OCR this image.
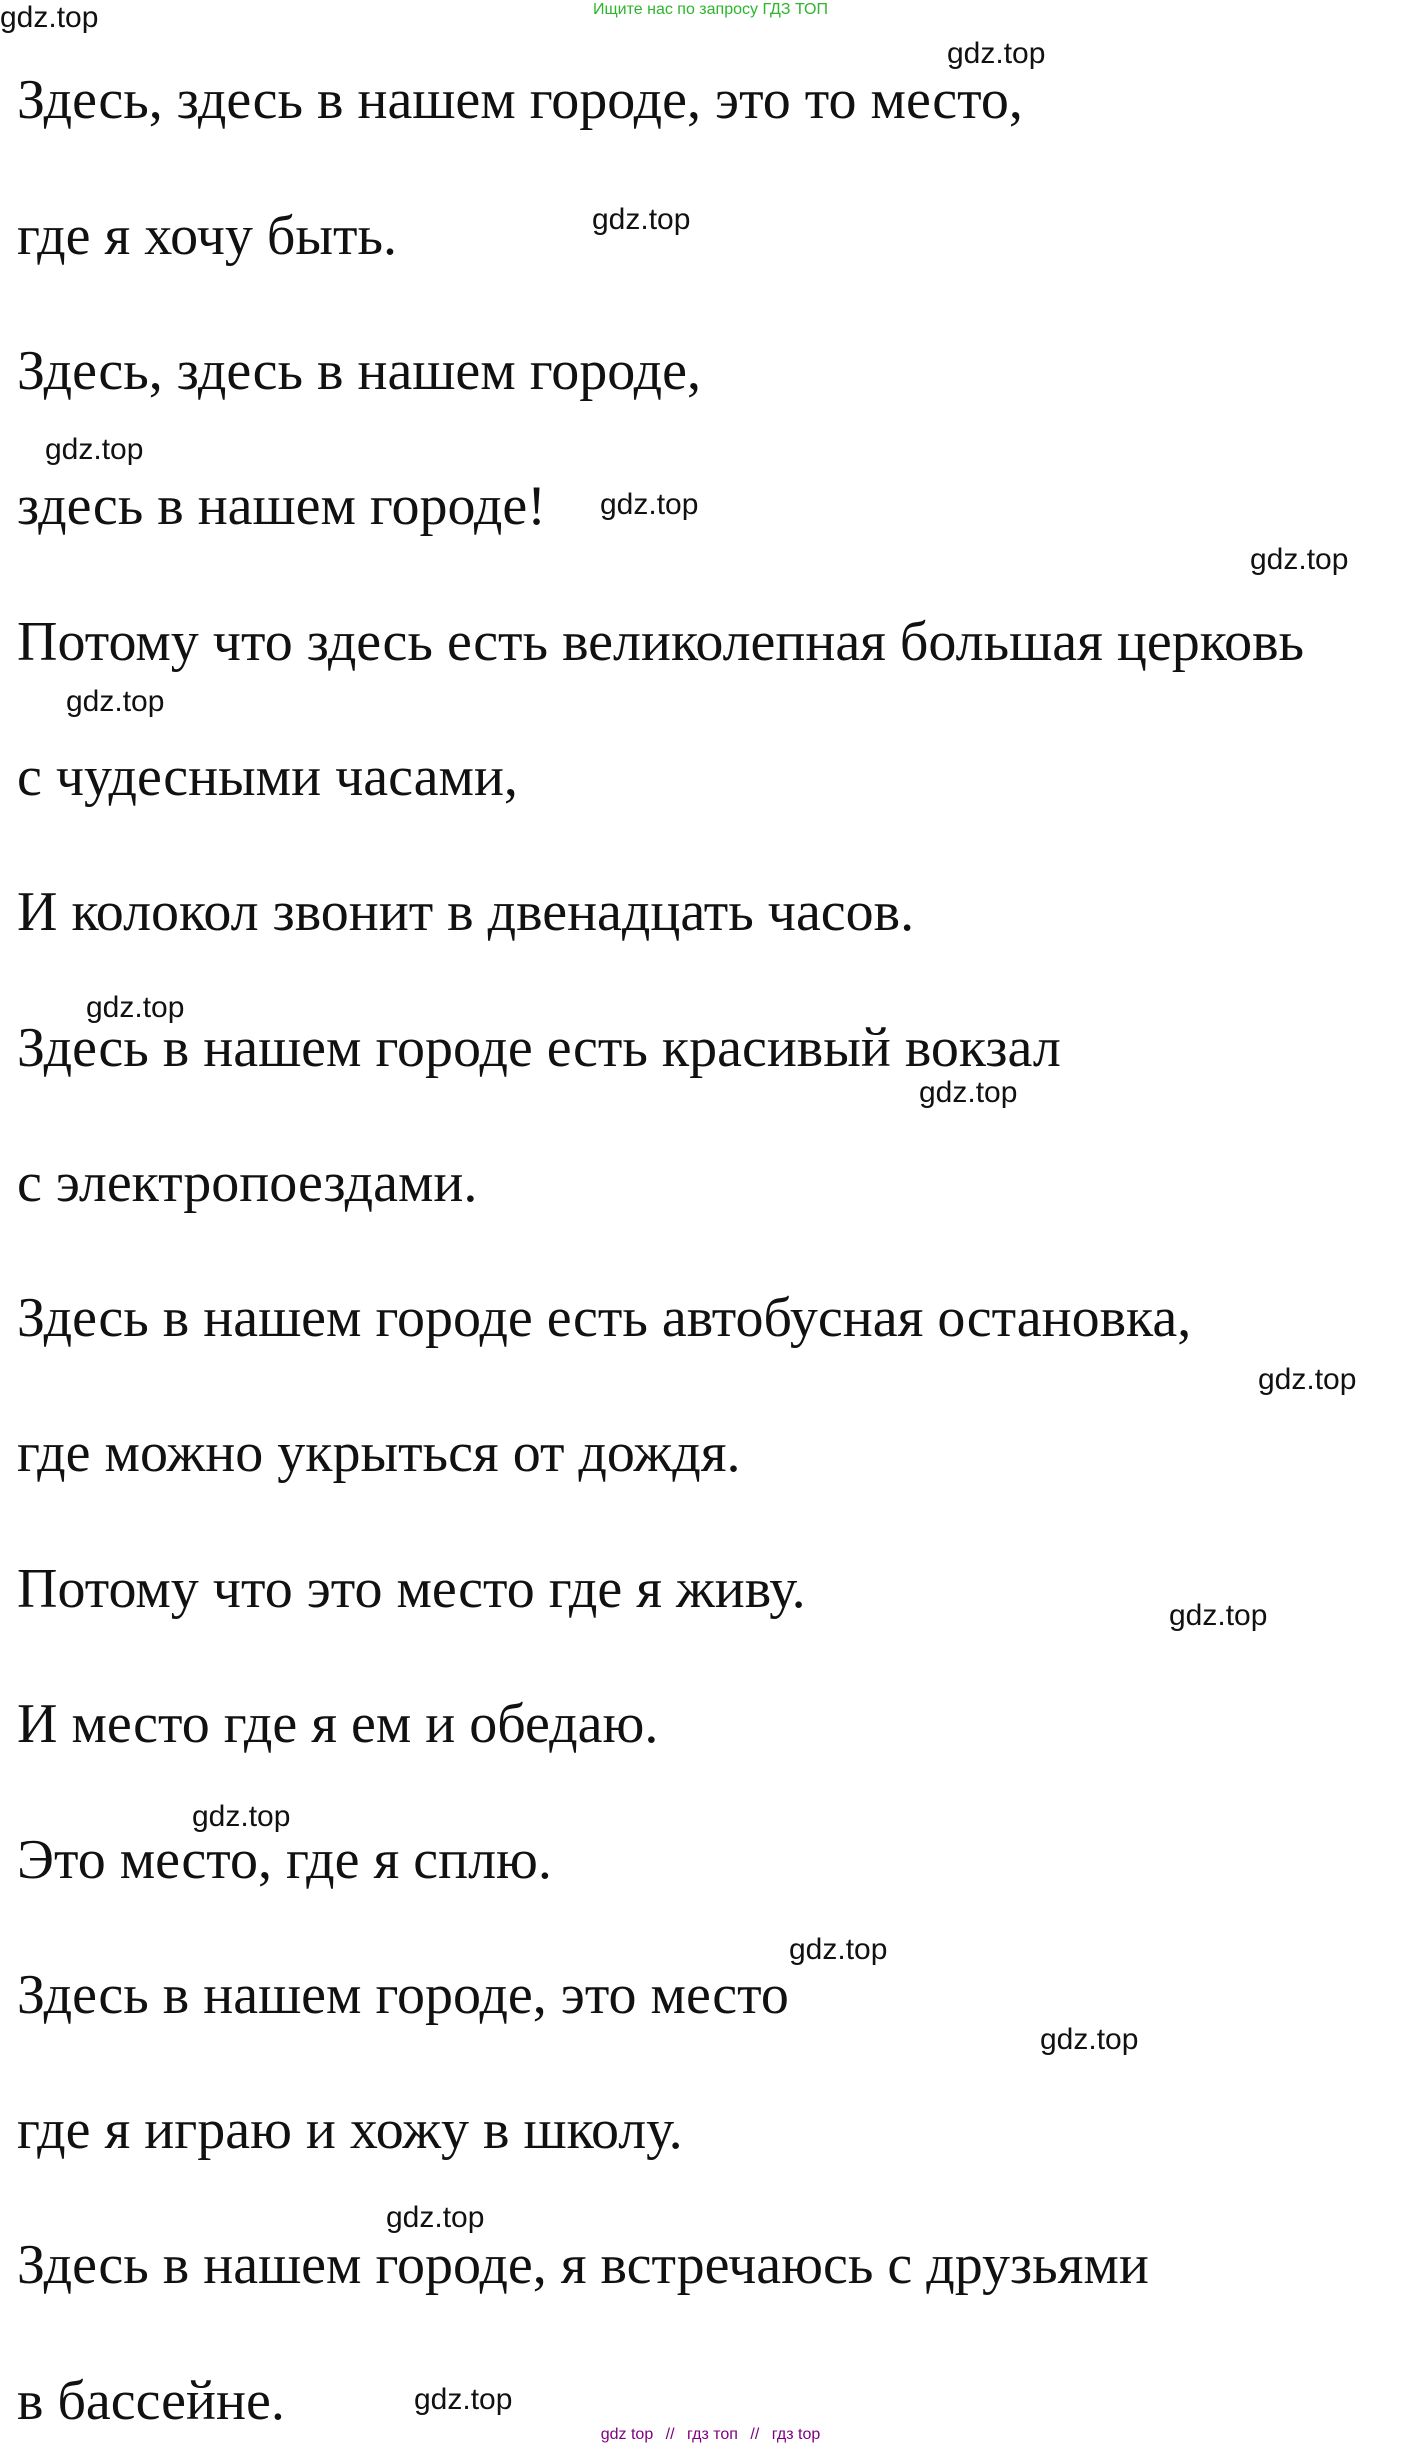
Ищите нас по запросу ГДЗ ТОП
Здесь, здесь в нашем городе, это то место,
где я хочу быть.
Здесь, здесь в нашем городе,
здесь в нашем городе!
Потому что здесь есть великолепная большая церковь
с чудесными часами,
И колокол звонит в двенадцать часов.
Здесь в нашем городе есть красивый вокзал
с электропоездами.
Здесь в нашем городе есть автобусная остановка,
где можно укрыться от дождя.
Потому что это место где я живу.
И место где я ем и обедаю.
Это место, где я сплю.
Здесь в нашем городе, это место
где я играю и хожу в школу.
Здесь в нашем городе, я встречаюсь с друзьями
в бассейне.
gdz.top
gdz.top
gdz.top
gdz.top
gdz.top
gdz.top
gdz.top
gdz.top
gdz.top
gdz.top
gdz.top
gdz.top
gdz.top
gdz.top
gdz.top
gdz.top
gdz top // гдз топ // гдз top
